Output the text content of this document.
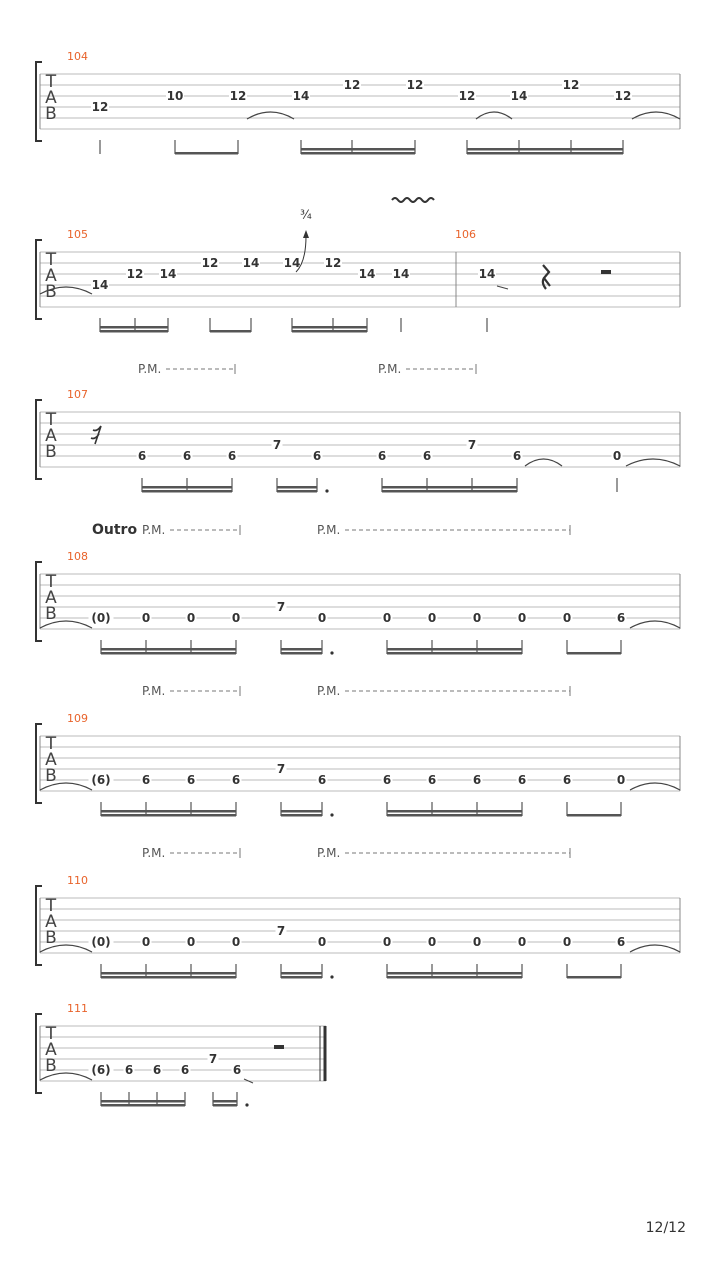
T
A
B
104
12
10	12	14
12	12
12	14
12
12
T
A
B
105
14
12 14
12 14 14 12
14 14
106
14
T
A
B
107
6	6	6
7
6	6	6
7
6	0
T
A
B
108
(0)	0	0	0
7
0	0	0	0	0	0	6
T
A
B
109
(6)	6	6	6
7
6	6	6	6	6	6	0
T
A
B
110
(0)	0	0	0
7
0	0	0	0	0	0	6
T
A
B
111
(6) 6 6 6
7
6
¾
P.M.	P.M.
P.M.	P.M.
P.M.	P.M.
P.M.	P.M.
Outro
12/12
